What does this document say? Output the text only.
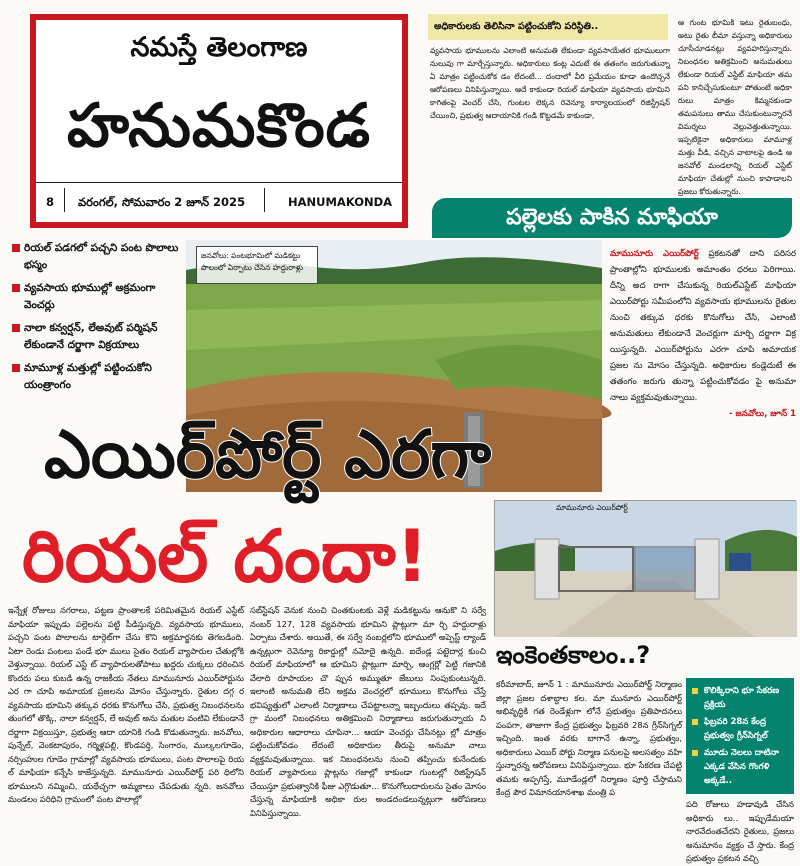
నమస్తే తెలంగాణ
హనుమకొండ
8 వరంగల్, సోమవారం 2 జూన్ 2025	HANUMAKONDA
అధికారులకు తెలిసినా పట్టించుకోని పరిస్థితి..
వ్యవసాయ భూములను ఎలాంటి అనుమతి లేకుండా వ్యవసాయేతర భూములుగా నులువు గా మార్చేస్తున్నారు. అధికారులు కంట్ల ఎదుటే ఈ తతంగం జరుగుతున్నా ఏ మాత్రం పట్టించుకోక డం లేదంటే... దందాలో వీరి ప్రమేయం కూడా ఉందొచ్చనే ఆరోపణలు వినిపిస్తున్నాయి. ఆదే కాకుండా రియల్ మాఫియా వ్యవసాయ భూమిని కాగితంపై వెంచర్ చేసి, గుంటల లెక్కన రెవెన్యూ కార్యాలయంలో రిజిస్ట్రేషన్ చేయించి, ప్రభుత్వ ఆదాయానికి గండి కొట్టడమే కాకుండా,
ఆ గుంట భూమికి ఇటు రైతుబంధు, అటు రైతు బీమా వస్తున్నా అధికారులు చూసీచూడనట్లు వ్యవహరిస్తున్నారు. నిబంధనల అతిక్రమించి అనుమతులు లేకుండా రియల్ ఎస్టేట్ మాఫియా తమ పని కానిచ్చేసుకుంటూ పోతుంటే అధికా రులు మాత్రం కిమ్మనకుండా తమపనులు తాము చేసుకుంటున్నారనే విమర్శలు వెల్లువెత్తుతున్నాయి. ఇప్పటికైనా అధికారులు మామూళ్ల మత్తు వీడి, వచ్చిన వాటాలపై ఉండి ఆ జనవోల్ మండలాన్ని రియల్ ఎస్టేట్ మాఫియా చేతుల్లో నుంచి కాపాడాలని ప్రజలు కోరుతున్నారు.
పల్లెలకు పాకిన మాఫియా
రియల్ పడగలో పచ్చని పంట పొలాలు భస్మం
వ్యవసాయ భూముల్లో అక్రమంగా వెంచర్లు
నాలా కన్వర్షన్, లేఅవుట్ పర్మిషన్ లేకుండానే దర్జాగా విక్రయాలు
మామూళ్ల మత్తుల్లో పట్టించుకోని యంత్రాంగం
జనవోలు: పంటభూమిలో మడికట్టు పొలంలో ఏర్పాటు చేసిన హద్దురాళ్లు
మామునూరు ఎయిర్‌పోర్ట్ ప్రకటనతో దాని పరిసర ప్రాంతాల్లోని భూములకు అమాంతం ధరలు పెరిగాయి. దీన్ని అద రాగా చేసుకున్న రియల్‌ఎస్టేట్ మాఫియా ఎయిర్‌పోర్టు సమీపంలోని వ్యవసాయ భూములను రైతుల నుంచి తక్కువ ధరకు కొనుగోలు చేసి, ఎలాంటి అనుమతులు లేకుండానే వెంచర్లుగా మార్చి దర్జాగా విక్ర యిస్తున్నది. ఎయిర్‌పోర్టును ఎరగా చూపి అమాయక ప్రజల ను మోసం చేస్తున్నది. అధికారుల కండ్లెదుటే ఈ తతంగం జరుగు తున్నా పట్టించుకోవడం పై అనుమా నాలు వ్యక్తమవుతున్నాయి.
- జనవోలు, జూన్ 1
ఎయిర్‌పోర్ట్ ఎరగా
రియల్ దందా!
మామునూరు ఎయిర్‌పోర్ట్
ఇంకెంతకాలం..?
ఇన్నేళ్ల రోజులు నగరాలు, పట్టణ ప్రాంతాలకే పరిమితమైన రియల్ ఎస్టేట్ మాఫియా ఇప్పుడు పల్లెలను పట్టి పీడిస్తున్నది. వ్యవసాయ భూములు, పచ్చని పంట పొలాలను టార్గెట్‌గా చేసు కొని అక్రమార్జనకు తెగబడింది. ఏటా రెండు పంటలు పండే భూ ములు సైతం రియల్ వ్యాపారుల చేతుల్లోకి వెళ్తున్నాయి. రియల్ ఎస్టే ట్ వ్యాపారులతోపాటు ఖద్దరు చుక్కలు ధరించిన కొందరు పలు కుబడి ఉన్న రాజకీయ నేతలు మామునూరు ఎయిర్‌పోర్టును ఎర గా చూపి అమాయక ప్రజలను మోసం చేస్తున్నారు. రైతుల దగ్గ ర వ్యవసాయ భూమిని తక్కువ ధరకు కొనుగోలు చేసి, ప్రభుత్వ నిబంధనలను తుంగలో తొక్కి, నాలా కన్వర్షన్, లే అవుట్ అను మతుల వంటివి లేకుండానే దర్జాగా విక్రయిస్తూ, ప్రభుత్వ ఆదా యానికి గండి కొడుతున్నారు. జనవోలు, పున్నేల్, వెంకటాపురం, గర్మిళ్లపల్లి, కొండపర్తి, సింగారం, ముల్కలగూడెం, నర్సింహుల గూడెం గ్రామాల్లో వ్యవసాయ భూములు, పంట పొలాలపై రియ ల్ మాఫియా కన్నేసి కాజేస్తున్నది. మామునూరు ఎయిర్‌పోర్ట్ పరి ధిలోని భూములని నమ్మించి, యథేచ్ఛగా అమ్మకాలు చేపడుతు న్నది. జనవోలు మండలం పరిధిని గ్రామంలో పంట పొలాల్లో
సబ్‌స్టేషన్ వెనుక నుంచి చింతకుంటకు వెళ్లే మడికట్టును ఆనుకొ ని సర్వే నంబర్ 127, 128 వ్యవసాయ భూమిని ప్లాట్లుగా మా ర్చి హద్దురాళ్లు ఏర్పాటు చేశారు. అయితే, ఈ సర్వే నంబర్లలోని భూములో అప్పెస్ట్ ల్యాండ్ ఉన్నట్లుగా రెవెన్యూ రికార్డుల్లో నమోదై ఉన్నది. ఐదేండ్ల పట్టెదార్ల కుంచి రియల్ మాఫియాలో ఆ భూమిని ప్లాట్లుగా మార్చి, ఆంగ్లర్లో పెట్టి గజానికి వేలాది రూపాయల చొ ప్పున అమ్ముతూ జేబులు నింపుకుంటున్నది. ఇలాంటి అనుమతి లేని అక్రమ వెంచర్లలో భూములు కొనుగోలు చేస్తే భవిష్యత్తులో ఎలాంటి నిర్మాణాలు చేపట్టాలన్నా ఇబ్బందులు తప్పవు. ఇదే గ్రా మంలో నిబంధనలు అతిక్రమించి నిర్మాణాలు జరుగుతున్నాయ ని అధికారుల ఆధారాలు చూపినా... ఆయా వెంచర్లు చేసినట్లు ల్లో మాత్రం పట్టించుకోవడం లేదంటే అధికారుల తీరుపై అనుమా నాలు వ్యక్తమవుతున్నాయి. ఇక నిబంధనలను నుంచి తప్పించు కునేందుకు రియల్ వ్యాపారులు ప్లాట్లను గజాల్లో కాకుండా గుంటల్లో రిజిస్ట్రేషన్ చేయిస్తూ ప్రభుత్వానికి ఫీజు ఎగ్గొడుతూ... కొనుగోలుదారులను సైతం మోసం చేస్తున్న మాఫియాకి అధికా రుల అండదండలున్నట్లుగా ఆరోపణలు వినిపిస్తున్నాయి.
కరీమాబాద్, జూన్ 1 : మామునూరు ఎయిర్‌పోర్ట్ నిర్మాణం జిల్లా ప్రజల దశాబ్దాల కల. మా మునూరు ఎయిర్‌పోర్ట్ అభివృద్ధికి గత రెండేళ్లుగా లోనే ప్రభుత్వం ప్రతిపాదనలు పంపగా, తాజాగా కేంద్ర ప్రభుత్వం ఫిబ్రవరి 28న గ్రీన్‌సిగ్నల్ ఇచ్చింది. ఇంత వరకు బాగానే ఉన్నా, ప్రభుత్వం, అధికారులు ఎయిర్‌ పోర్టు నిర్మాణ పనులపై అలసత్వం వహి స్తున్నారన్న ఆరోపణలు వినిపిస్తున్నాయి. భూ సేకరణ చేపట్టి తమకు అప్పగిస్తే, మూడేండ్లలో నిర్మాణం పూర్తి చేస్తామని కేంద్ర పౌర విమానయానశాఖ మంత్రి ప
పది రోజులు హడావుడి చేసిన అధికారు లు.. ఇప్పుడేమయా నారనేదంతచేదని రైతులు, ప్రజలు అనుమానం వ్యక్తం చే స్తారు. కేంద్ర ప్రభుత్వం ప్రకటన వచ్చి
కొలిక్కిరాని భూ సేకరణ ప్రక్రియ
ఫిబ్రవరి 28న కేంద్ర ప్రభుత్వం గ్రీన్‌సిగ్నల్
మూడు నెలలు దాటినా ఎక్కడ వేసిన గొంగళి అక్కడే..
